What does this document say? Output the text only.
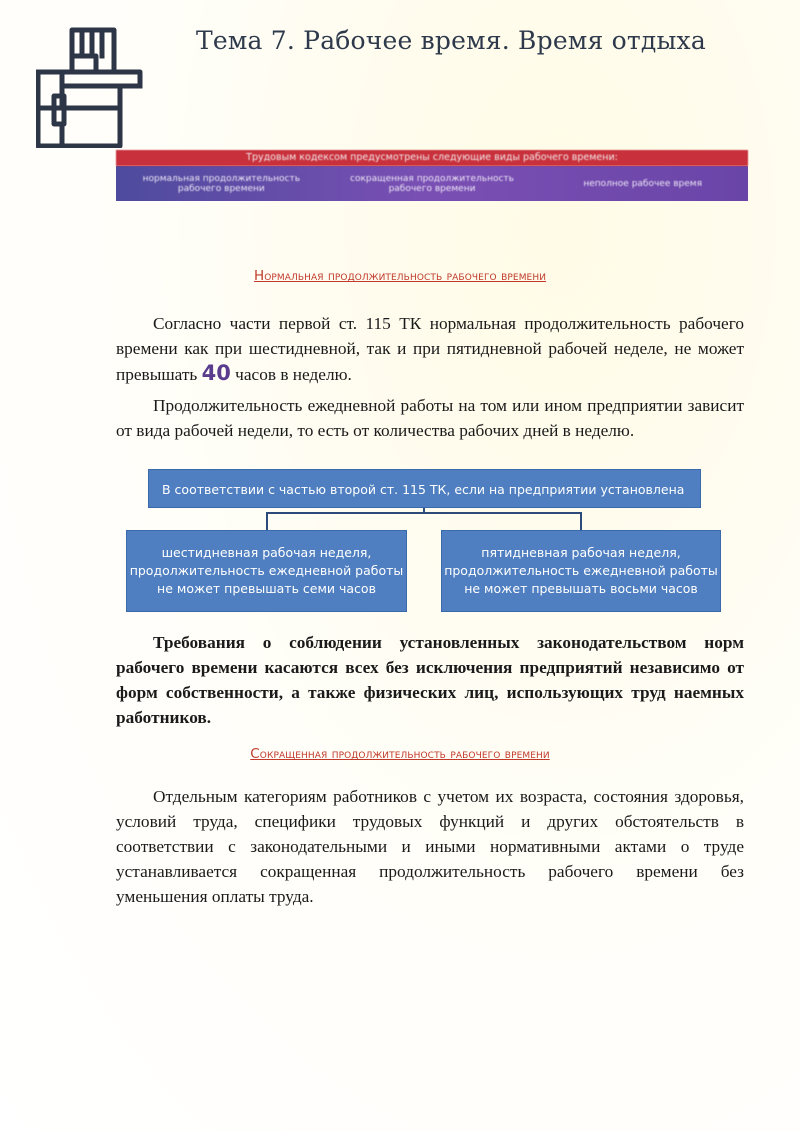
Тема 7. Рабочее время. Время отдыха
Трудовым кодексом предусмотрены следующие виды рабочего времени:
нормальная продолжительность рабочего времени
сокращенная продолжительность рабочего времени	неполное рабочее время
Нормальная продолжительность рабочего времени

Согласно части первой ст. 115 ТК нормальная продолжительность рабочего времени как при шестидневной, так и при пятидневной рабочей неделе, не может превышать 40 часов в неделю.

Продолжительность ежедневной работы на том или ином предприятии зависит от вида рабочей недели, то есть от количества рабочих дней в неделю.

В соответствии с частью второй ст. 115 ТК, если на предприятии установлена
шестидневная рабочая неделя, продолжительность ежедневной работы не может превышать семи часов
пятидневная рабочая неделя, продолжительность ежедневной работы не может превышать восьми часов

Требования о соблюдении установленных законодательством норм рабочего времени касаются всех без исключения предприятий независимо от форм собственности, а также физических лиц, использующих труд наемных работников.

Сокращенная продолжительность рабочего времени

Отдельным категориям работников с учетом их возраста, состояния здоровья, условий труда, специфики трудовых функций и других обстоятельств в соответствии с законодательными и иными нормативными актами о труде устанавливается сокращенная продолжительность рабочего времени без уменьшения оплаты труда.
